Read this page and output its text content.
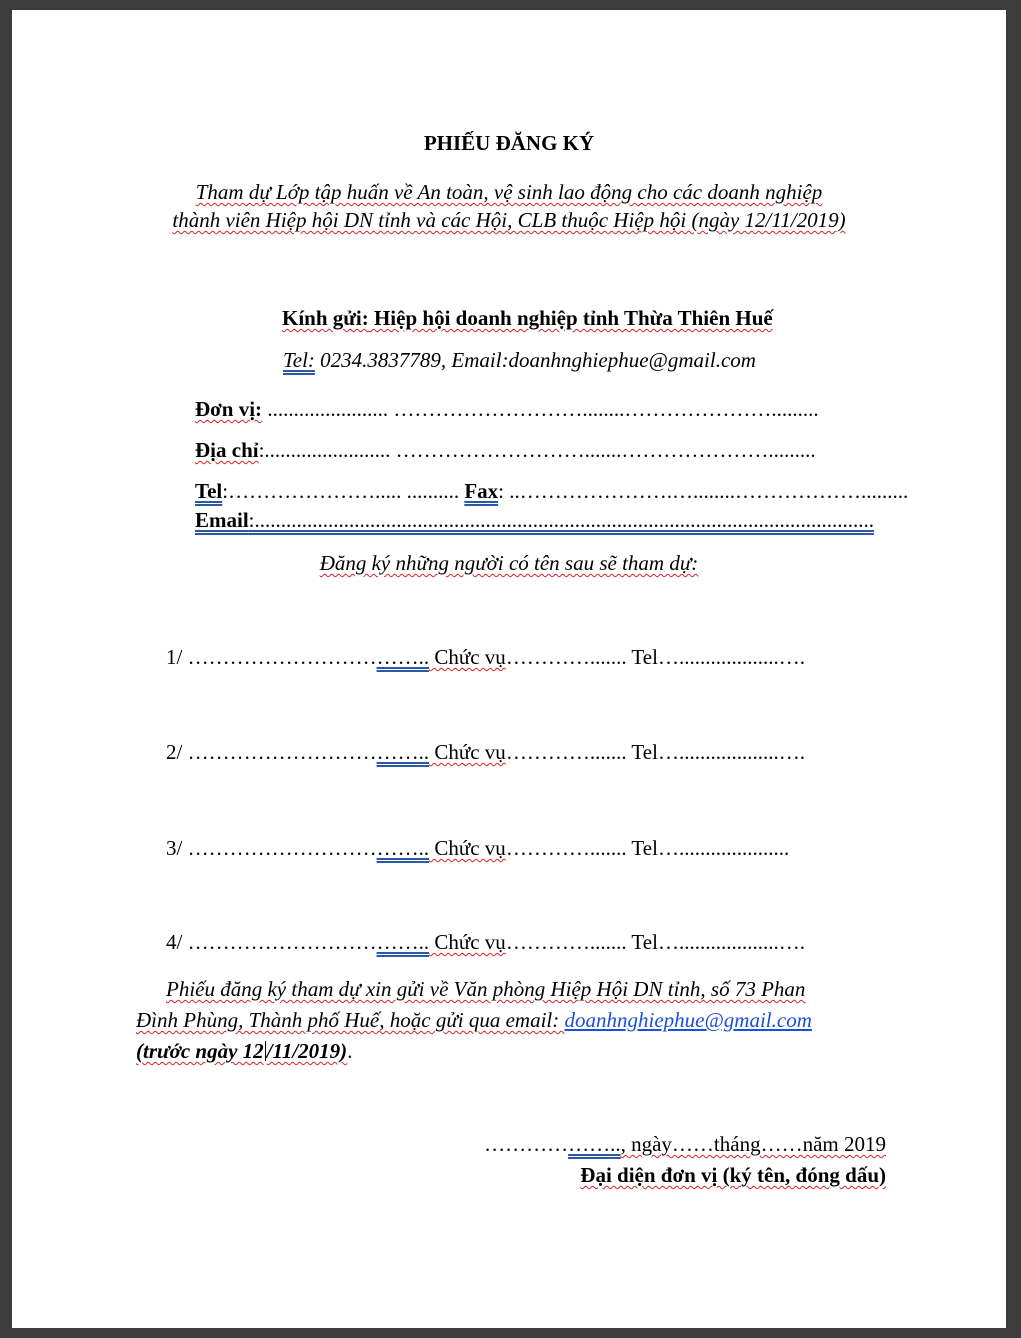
PHIẾU ĐĂNG KÝ
Tham dự Lớp tập huấn về An toàn, vệ sinh lao động cho các doanh nghiệp
thành viên Hiệp hội DN tỉnh và các Hội, CLB thuộc Hiệp hội (ngày 12/11/2019)
Kính gửi: Hiệp hội doanh nghiệp tỉnh Thừa Thiên Huế
Tel: 0234.3837789, Email:doanhnghiephue@gmail.com
Đơn vị: ....................... ………………………........………………….........
Địa chỉ:........................ ……………………….......………………….........
Tel:…………………..... .......... Fax: ..………………….…........……………….........
Email:......................................................................................................................
Đăng ký những người có tên sau sẽ tham dự:
1/ …………………………….. Chức vụ…………....... Tel…...................….
2/ …………………………….. Chức vụ…………....... Tel…...................….
3/ …………………………….. Chức vụ…………....... Tel….....................
4/ …………………………….. Chức vụ…………....... Tel…...................….
Phiếu đăng ký tham dự xin gửi về Văn phòng Hiệp Hội DN tỉnh, số 73 Phan
Đình Phùng, Thành phố Huế, hoặc gửi qua email: doanhnghiephue@gmail.com
(trước ngày 12 /11/2019).
……………….., ngày……tháng……năm 2019
Đại diện đơn vị (ký tên, đóng dấu)
